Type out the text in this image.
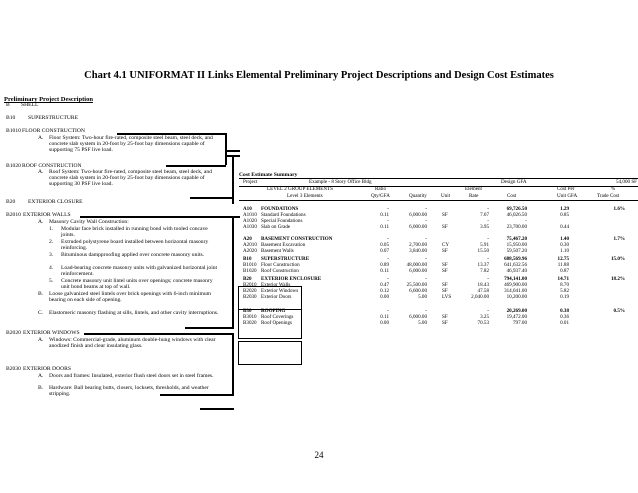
Chart 4.1 UNIFORMAT II Links Elemental Preliminary Project Descriptions and Design Cost Estimates
Preliminary Project Description
B SHELL
B10 SUPERSTRUCTURE
B1010 FLOOR CONSTRUCTION
A. Floor System: Two-hour fire-rated, composite steel beam, steel deck, and concrete slab system in 20-foot by 25-foot bay dimensions capable of supporting 75 PSF live load.
B1020 ROOF CONSTRUCTION
A. Roof System: Two-hour fire-rated, composite steel beam, steel deck, and concrete slab system in 20-foot by 25-foot bay dimensions capable of supporting 30 PSF live load.
B20 EXTERIOR CLOSURE
B2010 EXTERIOR WALLS
A. Masonry Cavity Wall Construction:
1. Modular face brick installed in running bond with tooled concave joints.
2. Extruded polystyrene board installed between horizontal masonry reinforcing.
3. Bituminous dampproofing applied over concrete masonry units.
4. Load-bearing concrete masonry units with galvanized horizontal joint reinforcement.
5. Concrete masonry unit lintel units over openings; concrete masonry unit bond beams at top of wall.
B. Loose galvanized steel lintels over brick openings with 6-inch minimum bearing on each side of opening.
C. Elastomeric masonry flashing at sills, lintels, and other cavity interruptions.
B2020 EXTERIOR WINDOWS
A. Windows: Commercial-grade, aluminum double-hung windows with clear anodized finish and clear insulating glass.
B2030 EXTERIOR DOORS
A. Doors and frames: Insulated, exterior flush steel doors set in steel frames.
B. Hardware: Ball bearing butts, closers, locksets, thresholds, and weather stripping.
Cost Estimate Summary
Project	Example - 8 Story Office Bldg	Design GFA	54,000 SF
LEVEL 2 GROUP ELEMENTS
Level 3 Elements
Ratio
Qty/GFA
Element
Quantity	Unit	Rate	Cost
Cost Per
Unit GFA
%
Trade Cost
A10 FOUNDATIONS	-	-	-	69,726.50	1.29	1.6%
A1010 Standard Foundations	0.11	6,000.00	SF	7.67	46,026.50	0.85
A1020 Special Foundations	-	-	-	-
A1030 Slab on Grade	0.11	6,000.00	SF	3.95	23,700.00	0.44
A20 BASEMENT CONSTRUCTION	-	-	-	75,467.20	1.40	1.7%
A2010 Basement Excavation	0.05	2,700.00	CY	5.91	15,950.00	0.30
A2020 Basement Walls	0.07	3,840.00	SF	15.50	59,507.20	1.10
B10 SUPERSTRUCTURE	-	-	-	688,569.96	12.75	15.0%
B1010 Floor Construction	0.89	48,000.00	SF	13.37	641,632.56	11.88
B1020 Roof Construction	0.11	6,000.00	SF	7.82	46,937.40	0.87
B20 EXTERIOR ENCLOSURE	-	-	-	794,141.00	14.71	18.2%
B2010 Exterior Walls	0.47	25,500.00	SF	18.43	469,900.00	8.70
B2020 Exterior Windows	0.12	6,600.00	SF	47.58	314,041.00	5.82
B2030 Exterior Doors	0.00	5.00	LVS	2,040.00	10,200.00	0.19
B30 ROOFING	-	-	-	20,269.00	0.38	0.5%
B3010 Roof Coverings	0.11	6,000.00	SF	3.25	19,472.00	0.36
B3020 Roof Openings	0.00	5.00	SF	70.53	797.00	0.01
24
